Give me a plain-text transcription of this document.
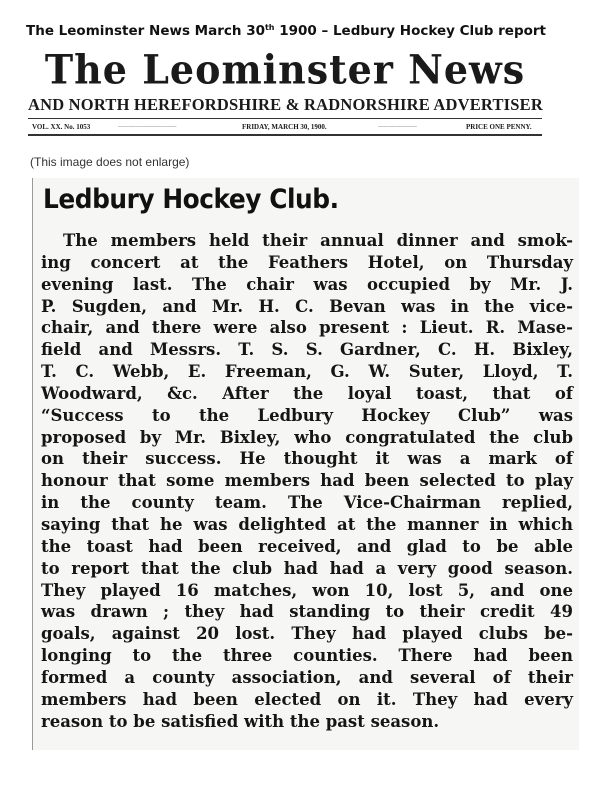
The Leominster News March 30th 1900 – Ledbury Hockey Club report
The Leominster News
AND NORTH HEREFORDSHIRE & RADNORSHIRE ADVERTISER
VOL. XX. No. 1053	~~~~~~~~~~~~~~~~~~~~~~~~~~~	FRIDAY, MARCH 30, 1900.	~~~~~~~~~~~~~~~~~~	PRICE ONE PENNY.
(This image does not enlarge)
Ledbury Hockey Club.
The members held their annual dinner and smok-
ing concert at the Feathers Hotel, on Thursday
evening last. The chair was occupied by Mr. J.
P. Sugden, and Mr. H. C. Bevan was in the vice-
chair, and there were also present : Lieut. R. Mase-
field and Messrs. T. S. S. Gardner, C. H. Bixley,
T. C. Webb, E. Freeman, G. W. Suter, Lloyd, T.
Woodward, &c. After the loyal toast, that of
“Success to the Ledbury Hockey Club” was
proposed by Mr. Bixley, who congratulated the club
on their success. He thought it was a mark of
honour that some members had been selected to play
in the county team. The Vice-Chairman replied,
saying that he was delighted at the manner in which
the toast had been received, and glad to be able
to report that the club had had a very good season.
They played 16 matches, won 10, lost 5, and one
was drawn ; they had standing to their credit 49
goals, against 20 lost. They had played clubs be-
longing to the three counties. There had been
formed a county association, and several of their
members had been elected on it. They had every
reason to be satisfied with the past season.
